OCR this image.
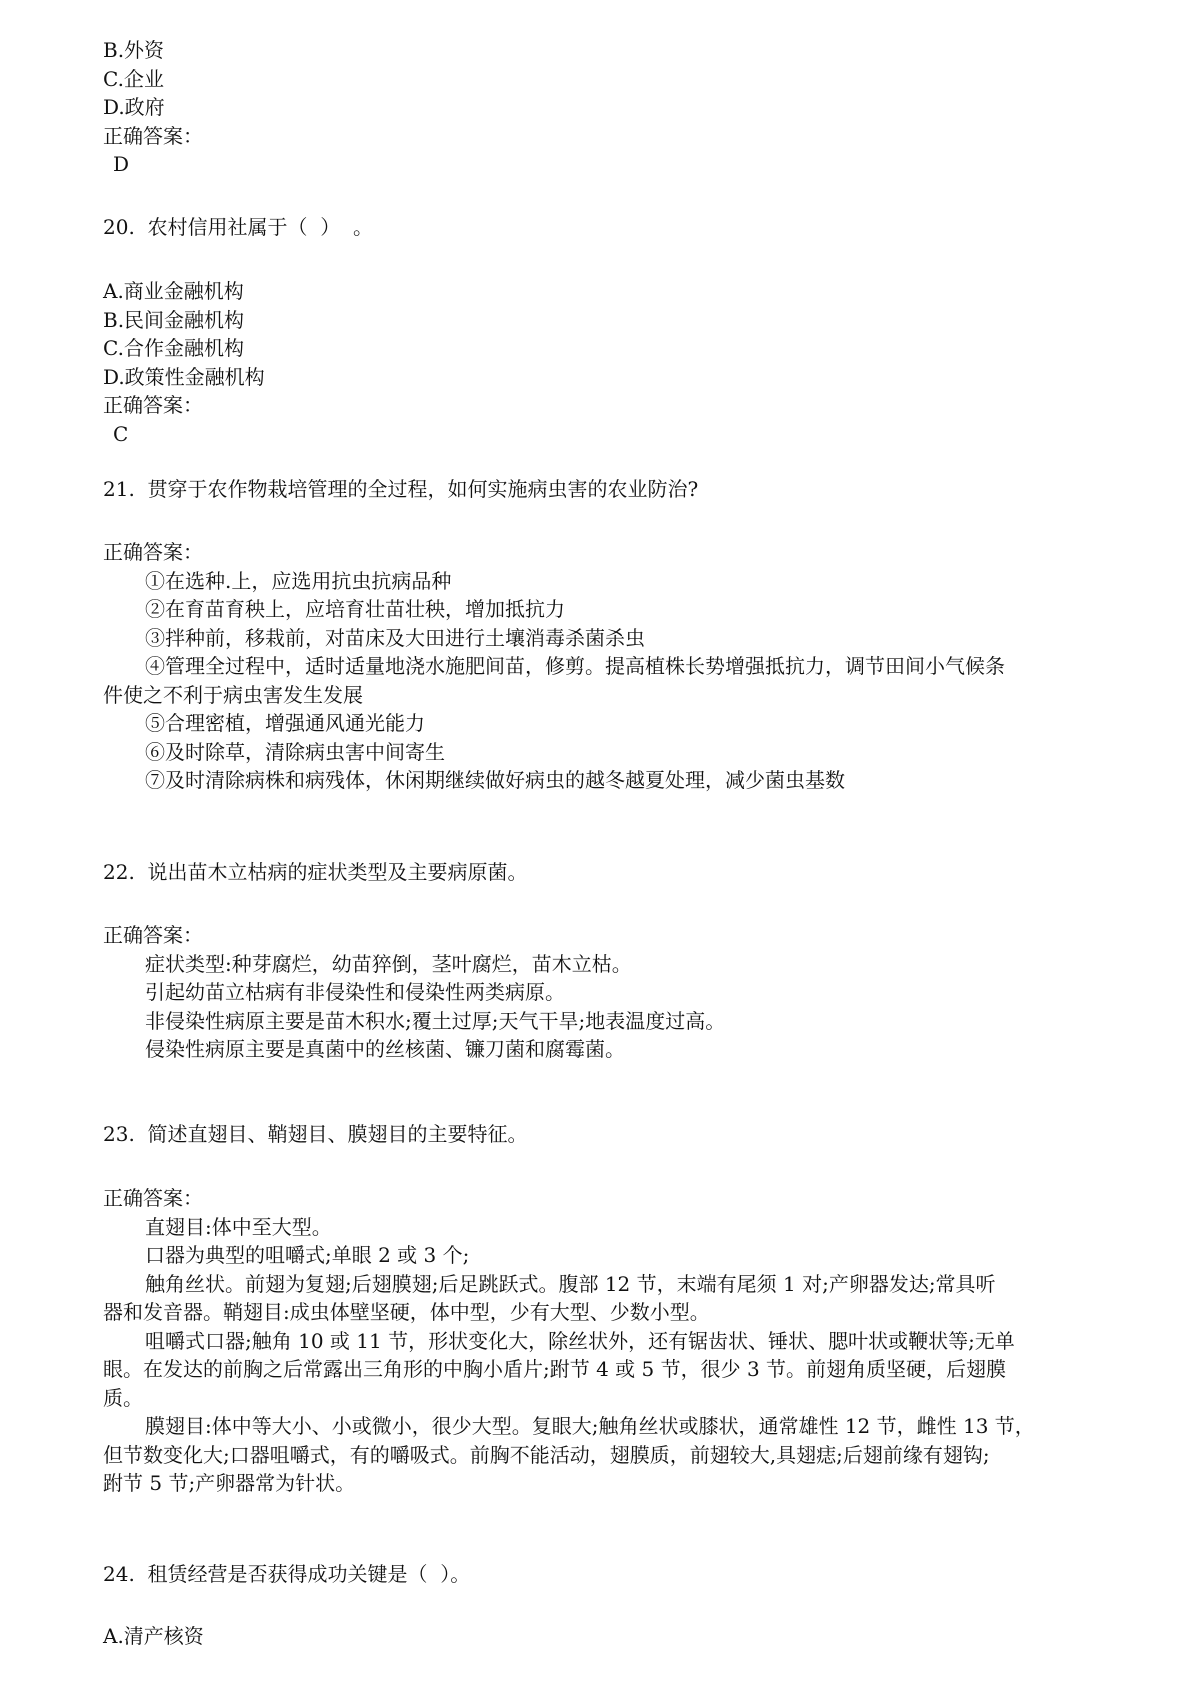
B.外资
C.企业
D.政府
正确答案：
D
20.  农村信用社属于（  ）  。
A.商业金融机构
B.民间金融机构
C.合作金融机构
D.政策性金融机构
正确答案：
C
21.  贯穿于农作物栽培管理的全过程，如何实施病虫害的农业防治?
正确答案：
①在选种.上，应选用抗虫抗病品种
②在育苗育秧上，应培育壮苗壮秧，增加抵抗力
③拌种前，移栽前，对苗床及大田进行土壤消毒杀菌杀虫
④管理全过程中，适时适量地浇水施肥间苗，修剪。提高植株长势增强抵抗力，调节田间小气候条
件使之不利于病虫害发生发展
⑤合理密植，增强通风通光能力
⑥及时除草，清除病虫害中间寄生
⑦及时清除病株和病残体，休闲期继续做好病虫的越冬越夏处理，减少菌虫基数
22.  说出苗木立枯病的症状类型及主要病原菌。
正确答案：
症状类型:种芽腐烂，幼苗猝倒，茎叶腐烂，苗木立枯。
引起幼苗立枯病有非侵染性和侵染性两类病原。
非侵染性病原主要是苗木积水;覆土过厚;天气干旱;地表温度过高。
侵染性病原主要是真菌中的丝核菌、镰刀菌和腐霉菌。
23.  简述直翅目、鞘翅目、膜翅目的主要特征。
正确答案：
直翅目:体中至大型。
口器为典型的咀嚼式;单眼 2 或 3 个;
触角丝状。前翅为复翅;后翅膜翅;后足跳跃式。腹部 12 节，末端有尾须 1 对;产卵器发达;常具听
器和发音器。鞘翅目:成虫体壁坚硬，体中型，少有大型、少数小型。
咀嚼式口器;触角 10 或 11 节，形状变化大，除丝状外，还有锯齿状、锤状、腮叶状或鞭状等;无单
眼。在发达的前胸之后常露出三角形的中胸小盾片;跗节 4 或 5 节，很少 3 节。前翅角质坚硬，后翅膜
质。
膜翅目:体中等大小、小或微小，很少大型。复眼大;触角丝状或膝状，通常雄性 12 节，雌性 13 节，
但节数变化大;口器咀嚼式，有的嚼吸式。前胸不能活动，翅膜质，前翅较大,具翅痣;后翅前缘有翅钩;
跗节 5 节;产卵器常为针状。
24.  租赁经营是否获得成功关键是（  ）。
A.清产核资
